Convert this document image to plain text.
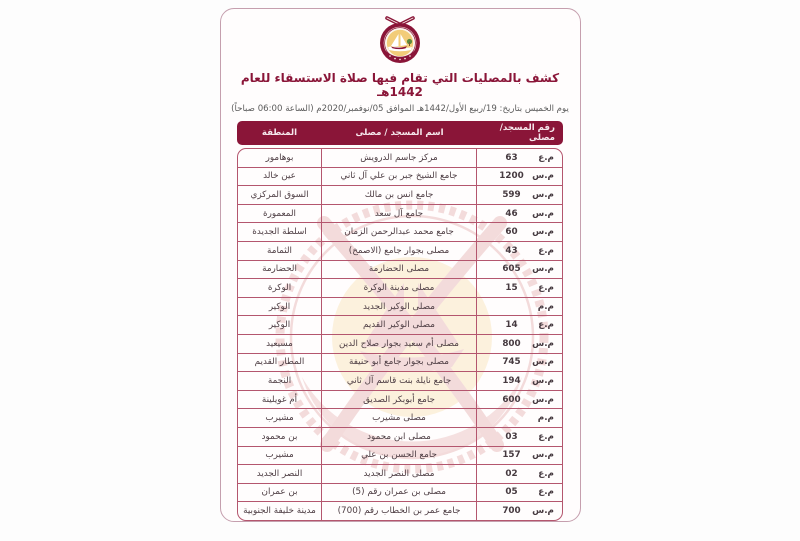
كشف بالمصليات التي تقام فيها صلاة الاستسقاء للعام 1442هـ
يوم الخميس بتاريخ: 19/ربيع الأول/1442هـ الموافق 05/نوفمبر/2020م (الساعة 06:00 صباحاً)
رقم المسجد/مصلى
اسم المسجد / مصلى
المنطقة
م.ع
63
مركز جاسم الدرويش
بوهامور
م.س
1200
جامع الشيخ جبر بن علي آل ثاني
عين خالد
م.س
599
جامع انس بن مالك
السوق المركزي
م.س
46
جامع آل سعد
المعمورة
م.س
60
جامع محمد عبدالرحمن الزمان
اسلطة الجديدة
م.ع
43
مصلى بجوار جامع (الاصمخ)
الثمامة
م.س
605
مصلى الحضارمة
الحضارمة
م.ع
15
مصلى مدينة الوكرة
الوكرة
م.م
مصلى الوكير الجديد
الوكير
م.ع
14
مصلى الوكير القديم
الوكير
م.س
800
مصلى أم سعيد بجوار صلاح الدين
مسيعيد
م.س
745
مصلى بجوار جامع أبو حنيفة
المطار القديم
م.س
194
جامع نايلة بنت قاسم آل ثاني
النجمة
م.س
600
جامع أبوبكر الصديق
أم غويلينة
م.م
مصلى مشيرب
مشيرب
م.ع
03
مصلى ابن محمود
بن محمود
م.س
157
جامع الحسن بن علي
مشيرب
م.ع
02
مصلى النصر الجديد
النصر الجديد
م.ع
05
مصلى بن عمران رقم (5)
بن عمران
م.س
700
جامع عمر بن الخطاب رقم (700)
مدينة خليفة الجنوبية
